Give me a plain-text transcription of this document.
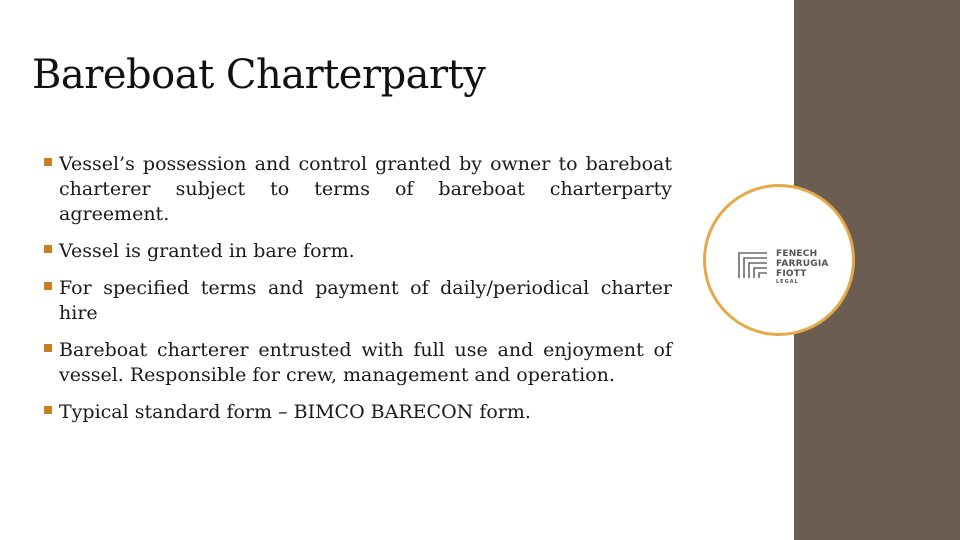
Bareboat Charterparty
Vessel’s possession and control granted by owner to bareboat charterer subject to terms of bareboat charterparty agreement.
Vessel is granted in bare form.
For specified terms and payment of daily/periodical charter hire
Bareboat charterer entrusted with full use and enjoyment of vessel. Responsible for crew, management and operation.
Typical standard form – BIMCO BARECON form.
FENECH
FARRUGIA
FIOTT
LEGAL
